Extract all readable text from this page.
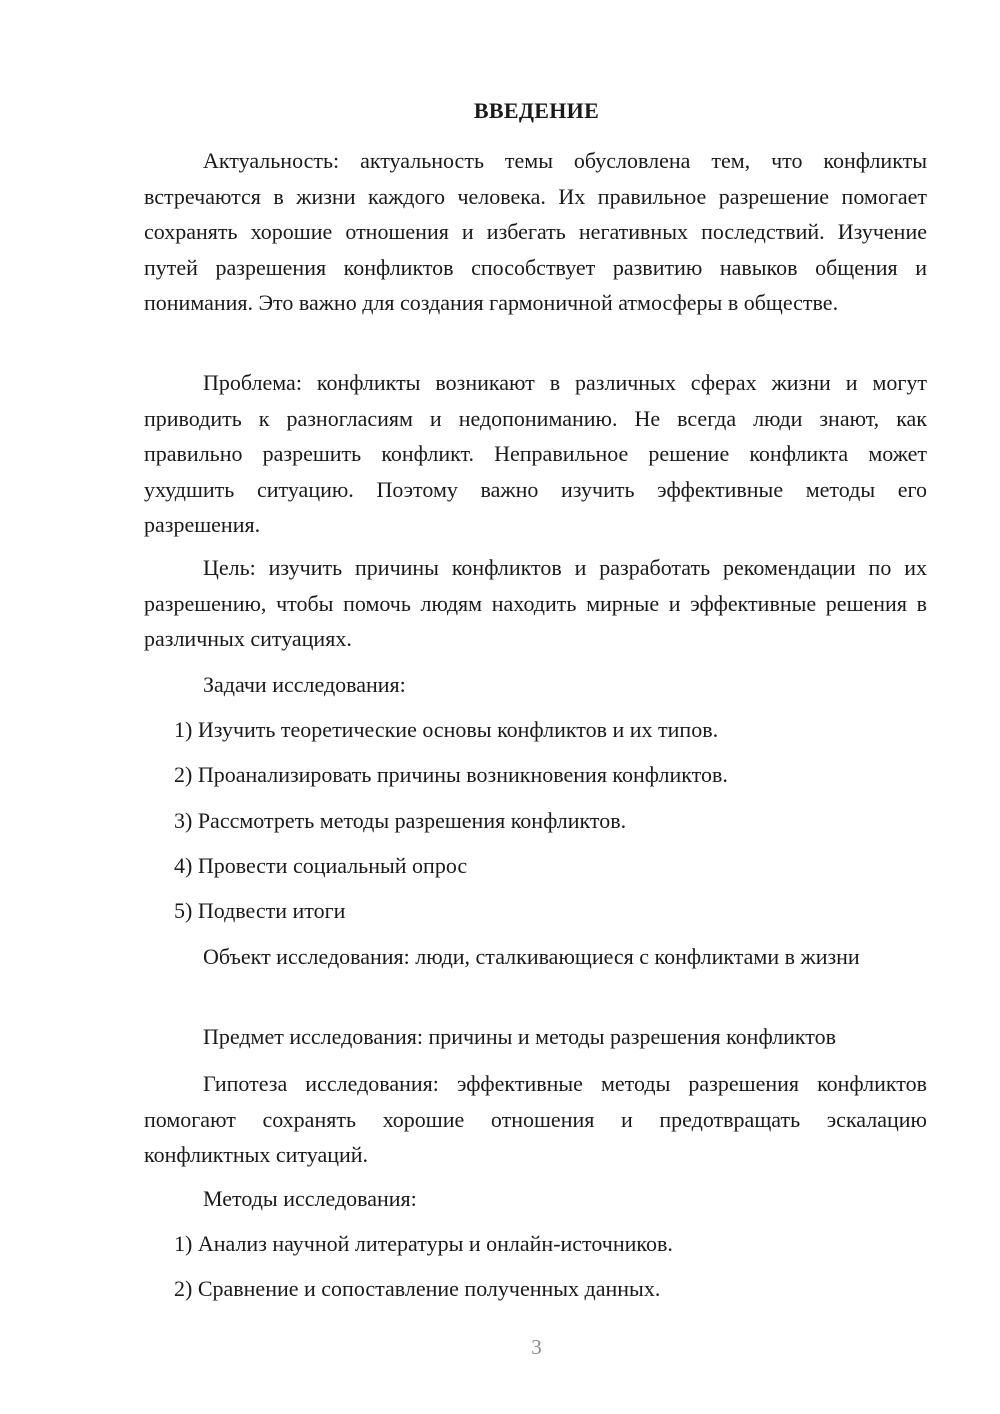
ВВЕДЕНИЕ

Актуальность: актуальность темы обусловлена тем, что конфликты встречаются в жизни каждого человека. Их правильное разрешение помогает сохранять хорошие отношения и избегать негативных последствий. Изучение путей разрешения конфликтов способствует развитию навыков общения и понимания. Это важно для создания гармоничной атмосферы в обществе.

Проблема: конфликты возникают в различных сферах жизни и могут приводить к разногласиям и недопониманию. Не всегда люди знают, как правильно разрешить конфликт. Неправильное решение конфликта может ухудшить ситуацию. Поэтому важно изучить эффективные методы его разрешения.

Цель: изучить причины конфликтов и разработать рекомендации по их разрешению, чтобы помочь людям находить мирные и эффективные решения в различных ситуациях.

Задачи исследования:
1) Изучить теоретические основы конфликтов и их типов.
2) Проанализировать причины возникновения конфликтов.
3) Рассмотреть методы разрешения конфликтов.
4) Провести социальный опрос
5) Подвести итоги

Объект исследования: люди, сталкивающиеся с конфликтами в жизни

Предмет исследования: причины и методы разрешения конфликтов

Гипотеза исследования: эффективные методы разрешения конфликтов помогают сохранять хорошие отношения и предотвращать эскалацию конфликтных ситуаций.

Методы исследования:
1) Анализ научной литературы и онлайн-источников.
2) Сравнение и сопоставление полученных данных.
3
